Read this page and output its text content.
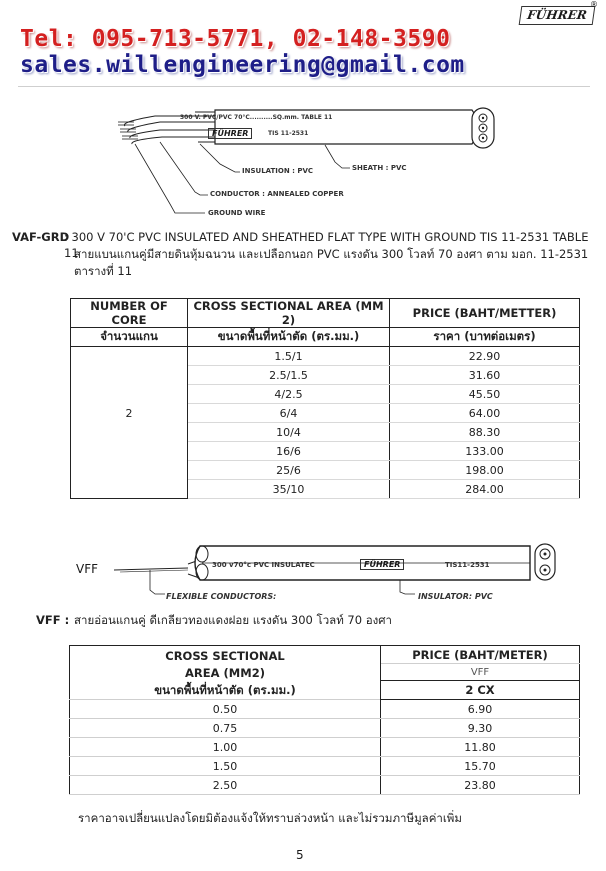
Tel: 095-713-5771, 02-148-3590
sales.willengineering@gmail.com
FÜHRER
®
300 V. PVC/PVC 70°C..........SQ.mm. TABLE 11
FÜHRER	TIS 11-2531
INSULATION : PVC	SHEATH : PVC
CONDUCTOR : ANNEALED COPPER
GROUND WIRE
VAF-GRD
: 300 V 70'C PVC INSULATED AND SHEATHED FLAT TYPE WITH GROUND TIS 11-2531 TABLE 11
สายแบนแกนคู่มีสายดินหุ้มฉนวน และเปลือกนอก PVC แรงดัน 300 โวลท์ 70 องศา ตาม มอก. 11-2531
ตารางที่ 11
NUMBER OF CORE	CROSS SECTIONAL AREA (MM 2)	PRICE (BAHT/METTER)
จำนวนแกน	ขนาดพื้นที่หน้าตัด (ตร.มม.)	ราคา (บาทต่อเมตร)
	1.5/1	22.90
	2.5/1.5	31.60
	4/2.5	45.50
2	6/4	64.00
	10/4	88.30
	16/6	133.00
	25/6	198.00
	35/10	284.00
VFF	300 v70°c PVC INSULATEC	FÜHRER	TIS11-2531
FLEXIBLE CONDUCTORS:	INSULATOR: PVC
VFF : สายอ่อนแกนคู่ ดีเกลียวทองแดงฝอย แรงดัน 300 โวลท์ 70 องศา
CROSS SECTIONAL
AREA (MM2)
ขนาดพื้นที่หน้าตัด (ตร.มม.)	PRICE (BAHT/METER)
	VFF
	2 CX
0.50	6.90
0.75	9.30
1.00	11.80
1.50	15.70
2.50	23.80
ราคาอาจเปลี่ยนแปลงโดยมิต้องแจ้งให้ทราบล่วงหน้า และไม่รวมภาษีมูลค่าเพิ่ม
5
